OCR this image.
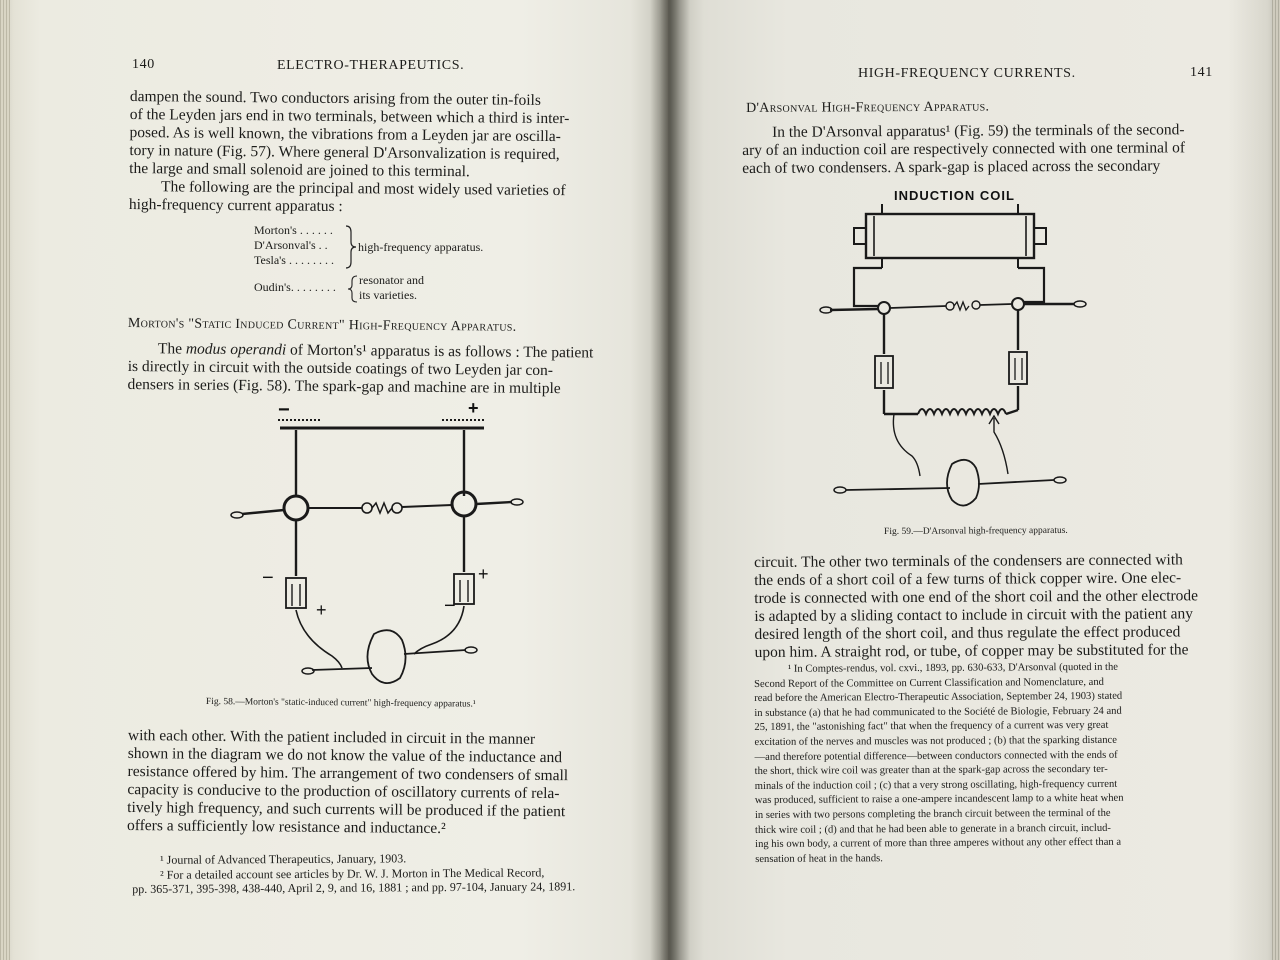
140	ELECTRO-THERAPEUTICS.
dampen the sound. Two conductors arising from the outer tin-foils
of the Leyden jars end in two terminals, between which a third is inter-
posed. As is well known, the vibrations from a Leyden jar are oscilla-
tory in nature (Fig. 57). Where general D'Arsonvalization is required,
the large and small solenoid are joined to this terminal.
The following are the principal and most widely used varieties of
high-frequency current apparatus :
Morton's . . . . . .
D'Arsonval's . .
Tesla's . . . . . . . .
high-frequency apparatus.
Oudin's. . . . . . . . resonator and
its varieties.
Morton's "Static Induced Current" High-Frequency Apparatus.
The modus operandi of Morton's¹ apparatus is as follows : The patient
is directly in circuit with the outside coatings of two Leyden jar con-
densers in series (Fig. 58). The spark-gap and machine are in multiple
−	+
−
+	−
+
Fig. 58.—Morton's "static-induced current" high-frequency apparatus.¹
with each other. With the patient included in circuit in the manner
shown in the diagram we do not know the value of the inductance and
resistance offered by him. The arrangement of two condensers of small
capacity is conducive to the production of oscillatory currents of rela-
tively high frequency, and such currents will be produced if the patient
offers a sufficiently low resistance and inductance.²
¹ Journal of Advanced Therapeutics, January, 1903.
² For a detailed account see articles by Dr. W. J. Morton in The Medical Record,
pp. 365-371, 395-398, 438-440, April 2, 9, and 16, 1881 ; and pp. 97-104, January 24, 1891.
HIGH-FREQUENCY CURRENTS.	141
D'Arsonval High-Frequency Apparatus.
In the D'Arsonval apparatus¹ (Fig. 59) the terminals of the second-
ary of an induction coil are respectively connected with one terminal of
each of two condensers. A spark-gap is placed across the secondary
INDUCTION COIL
Fig. 59.—D'Arsonval high-frequency apparatus.
circuit. The other two terminals of the condensers are connected with
the ends of a short coil of a few turns of thick copper wire. One elec-
trode is connected with one end of the short coil and the other electrode
is adapted by a sliding contact to include in circuit with the patient any
desired length of the short coil, and thus regulate the effect produced
upon him. A straight rod, or tube, of copper may be substituted for the
¹ In Comptes-rendus, vol. cxvi., 1893, pp. 630-633, D'Arsonval (quoted in the
Second Report of the Committee on Current Classification and Nomenclature, and
read before the American Electro-Therapeutic Association, September 24, 1903) stated
in substance (a) that he had communicated to the Société de Biologie, February 24 and
25, 1891, the "astonishing fact" that when the frequency of a current was very great
excitation of the nerves and muscles was not produced ; (b) that the sparking distance
—and therefore potential difference—between conductors connected with the ends of
the short, thick wire coil was greater than at the spark-gap across the secondary ter-
minals of the induction coil ; (c) that a very strong oscillating, high-frequency current
was produced, sufficient to raise a one-ampere incandescent lamp to a white heat when
in series with two persons completing the branch circuit between the terminal of the
thick wire coil ; (d) and that he had been able to generate in a branch circuit, includ-
ing his own body, a current of more than three amperes without any other effect than a
sensation of heat in the hands.
